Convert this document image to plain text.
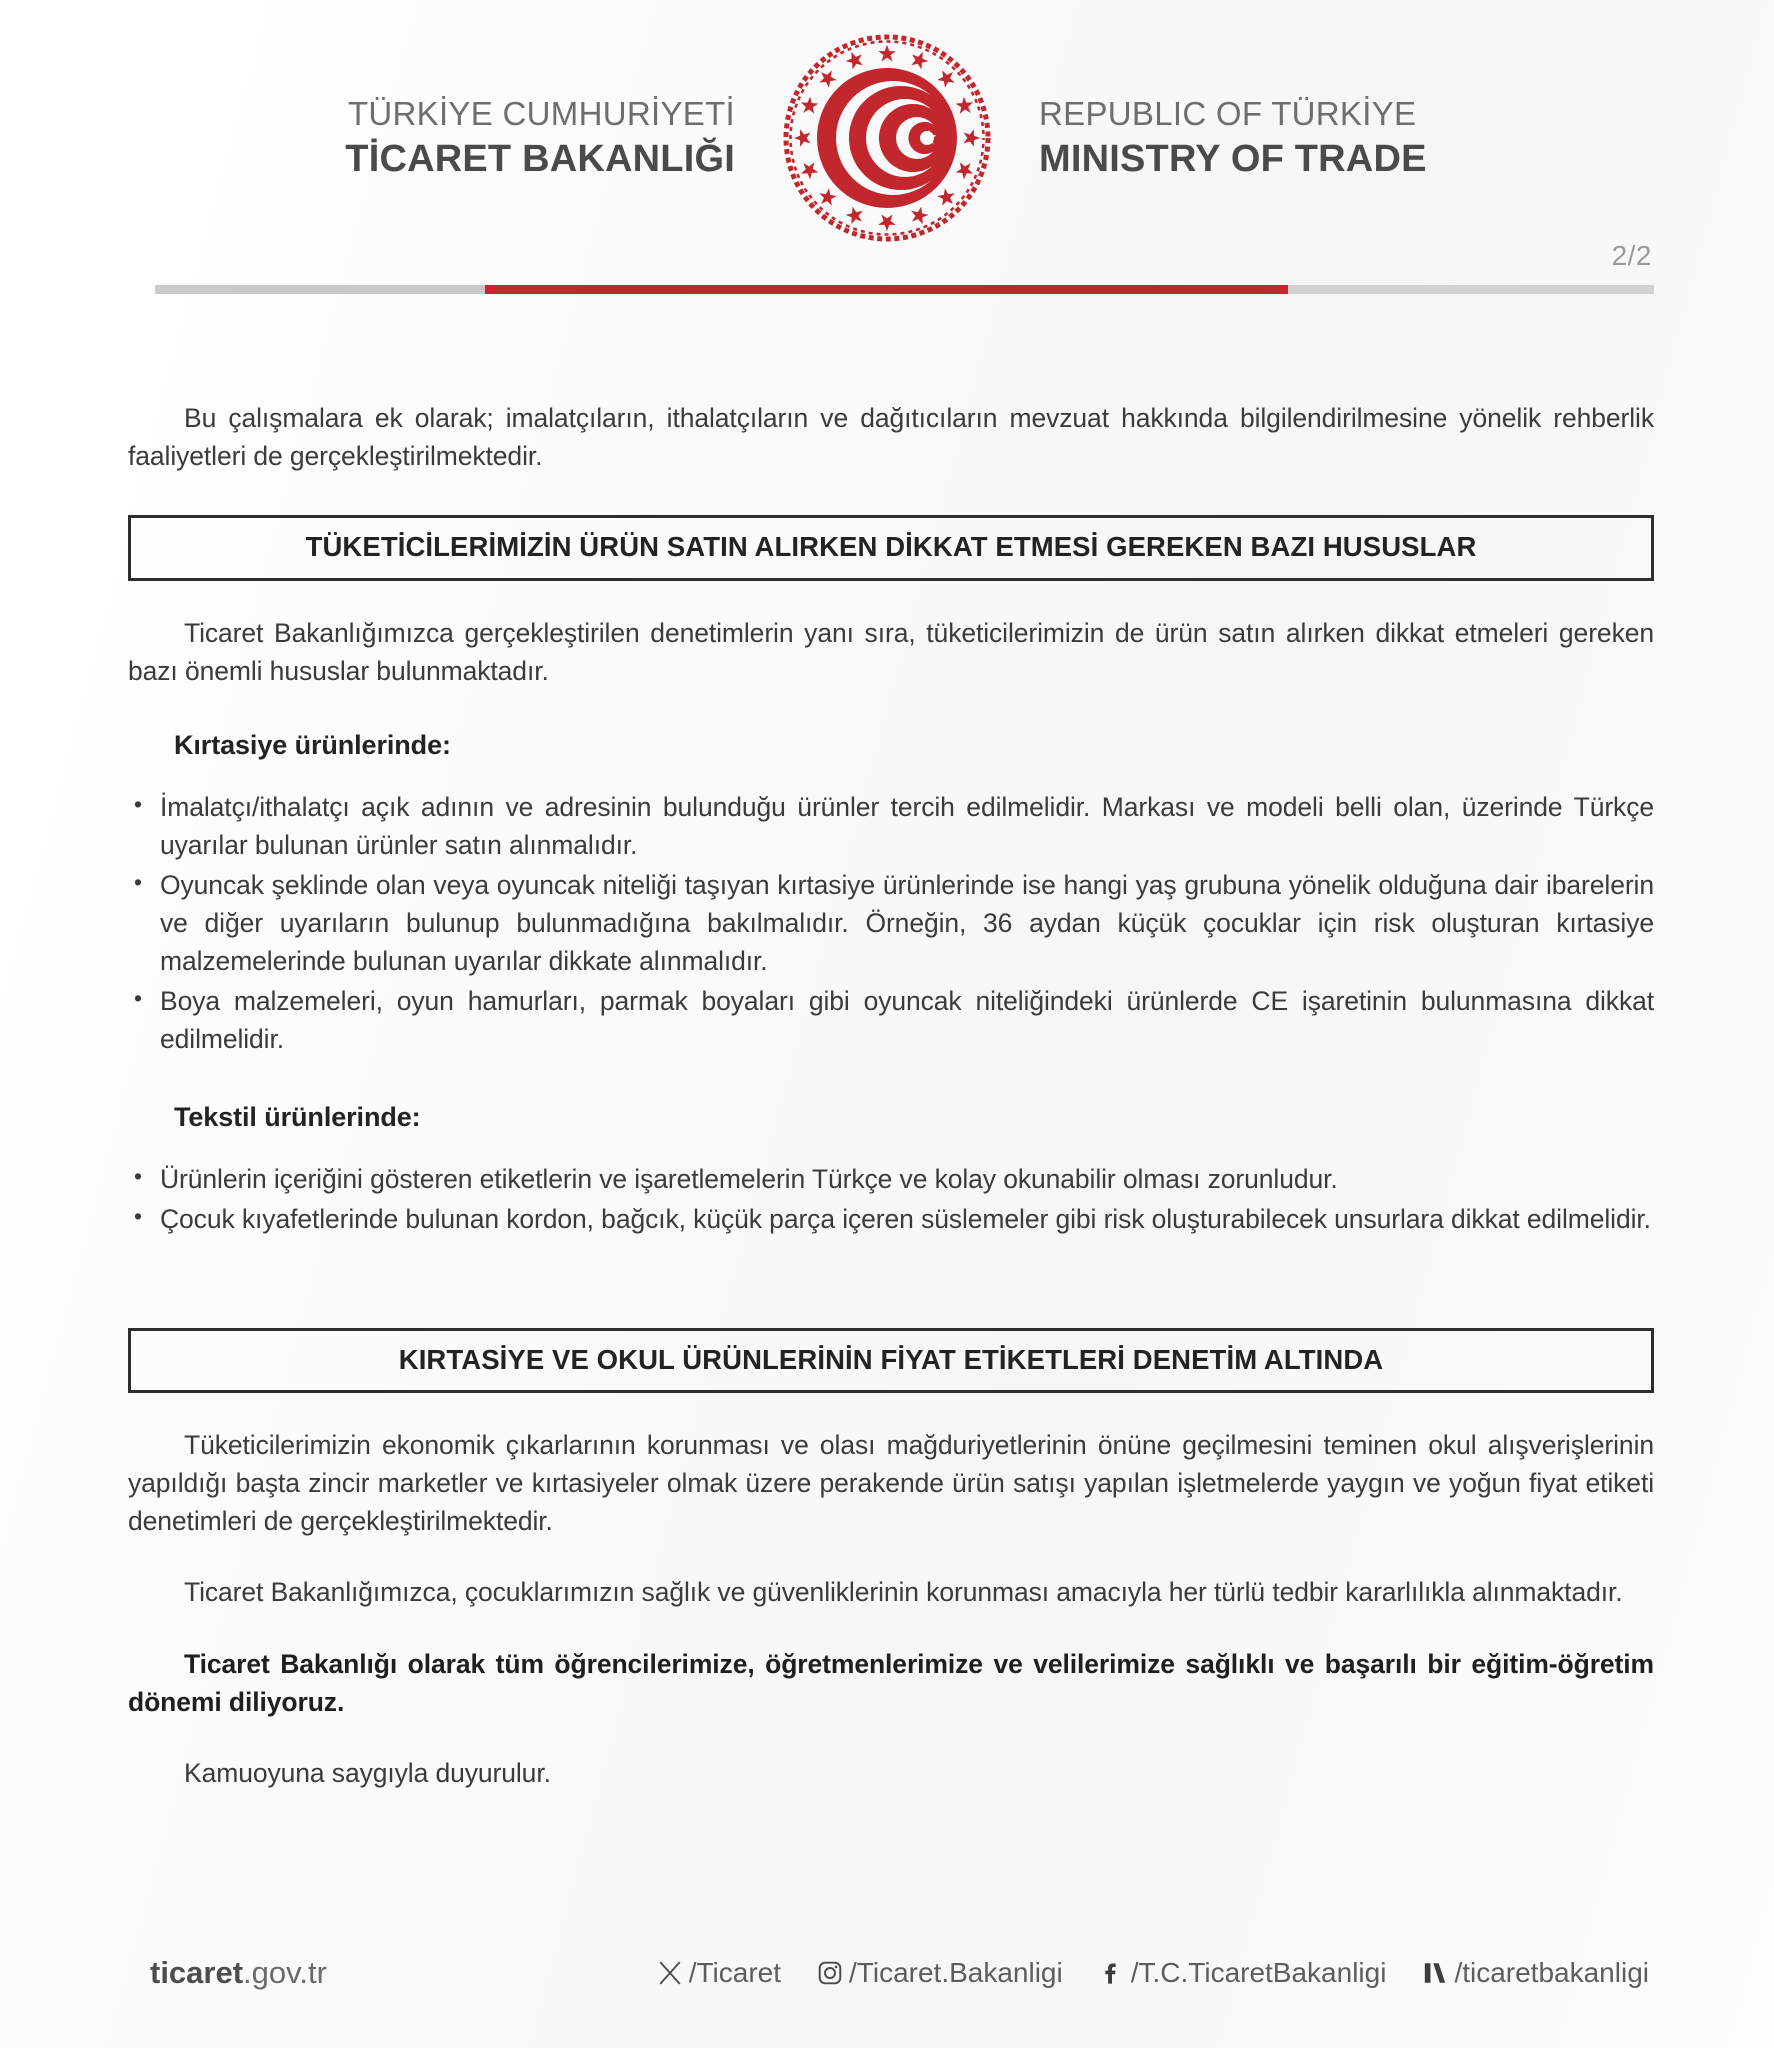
TÜRKİYE CUMHURİYETİ
TİCARET BAKANLIĞI
REPUBLIC OF TÜRKİYE
MINISTRY OF TRADE
2/2

Bu çalışmalara ek olarak; imalatçıların, ithalatçıların ve dağıtıcıların mevzuat hakkında bilgilendirilmesine yönelik rehberlik faaliyetleri de gerçekleştirilmektedir.

TÜKETİCİLERİMİZİN ÜRÜN SATIN ALIRKEN DİKKAT ETMESİ GEREKEN BAZI HUSUSLAR

Ticaret Bakanlığımızca gerçekleştirilen denetimlerin yanı sıra, tüketicilerimizin de ürün satın alırken dikkat etmeleri gereken bazı önemli hususlar bulunmaktadır.

Kırtasiye ürünlerinde:
• İmalatçı/ithalatçı açık adının ve adresinin bulunduğu ürünler tercih edilmelidir. Markası ve modeli belli olan, üzerinde Türkçe uyarılar bulunan ürünler satın alınmalıdır.
• Oyuncak şeklinde olan veya oyuncak niteliği taşıyan kırtasiye ürünlerinde ise hangi yaş grubuna yönelik olduğuna dair ibarelerin ve diğer uyarıların bulunup bulunmadığına bakılmalıdır. Örneğin, 36 aydan küçük çocuklar için risk oluşturan kırtasiye malzemelerinde bulunan uyarılar dikkate alınmalıdır.
• Boya malzemeleri, oyun hamurları, parmak boyaları gibi oyuncak niteliğindeki ürünlerde CE işaretinin bulunmasına dikkat edilmelidir.
Tekstil ürünlerinde:
• Ürünlerin içeriğini gösteren etiketlerin ve işaretlemelerin Türkçe ve kolay okunabilir olması zorunludur.
• Çocuk kıyafetlerinde bulunan kordon, bağcık, küçük parça içeren süslemeler gibi risk oluşturabilecek unsurlara dikkat edilmelidir.
KIRTASİYE VE OKUL ÜRÜNLERİNİN FİYAT ETİKETLERİ DENETİM ALTINDA

Tüketicilerimizin ekonomik çıkarlarının korunması ve olası mağduriyetlerinin önüne geçilmesini teminen okul alışverişlerinin yapıldığı başta zincir marketler ve kırtasiyeler olmak üzere perakende ürün satışı yapılan işletmelerde yaygın ve yoğun fiyat etiketi denetimleri de gerçekleştirilmektedir.

Ticaret Bakanlığımızca, çocuklarımızın sağlık ve güvenliklerinin korunması amacıyla her türlü tedbir kararlılıkla alınmaktadır.

Ticaret Bakanlığı olarak tüm öğrencilerimize, öğretmenlerimize ve velilerimize sağlıklı ve başarılı bir eğitim-öğretim dönemi diliyoruz.

Kamuoyuna saygıyla duyurulur.

ticaret.gov.tr	/Ticaret /Ticaret.Bakanligi /T.C.TicaretBakanligi /ticaretbakanligi
